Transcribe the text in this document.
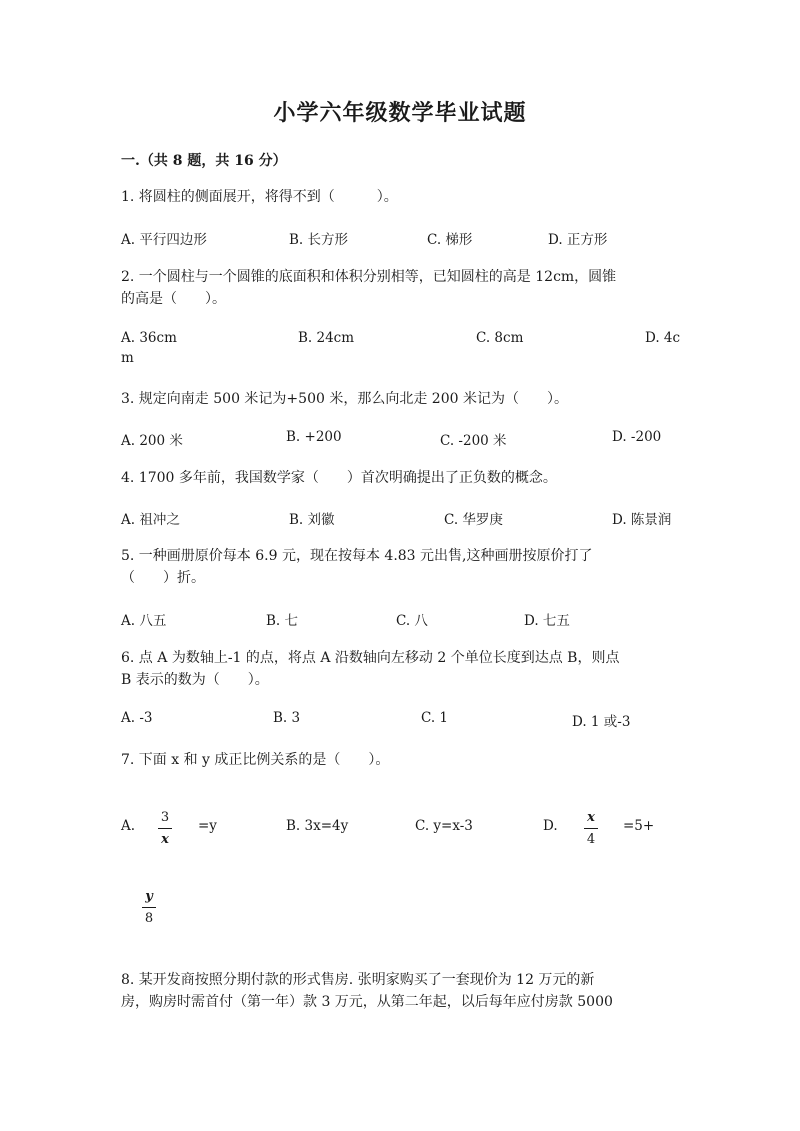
小学六年级数学毕业试题
一.（共 8 题，共 16 分）
1. 将圆柱的侧面展开，将得不到（　　　）。
A. 平行四边形	B. 长方形	C. 梯形	D. 正方形
2. 一个圆柱与一个圆锥的底面积和体积分别相等，已知圆柱的高是 12cm，圆锥
的高是（　　）。
A. 36cm	B. 24cm	C. 8cm	D. 4c
m
3. 规定向南走 500 米记为+500 米，那么向北走 200 米记为（　　）。
A. 200 米	B. +200	C. -200 米	D. -200
4. 1700 多年前，我国数学家（　　）首次明确提出了正负数的概念。
A. 祖冲之	B. 刘徽	C. 华罗庚	D. 陈景润
5. 一种画册原价每本 6.9 元，现在按每本 4.83 元出售,这种画册按原价打了
（　　）折。
A. 八五	B. 七	C. 八	D. 七五
6. 点 A 为数轴上-1 的点，将点 A 沿数轴向左移动 2 个单位长度到达点 B，则点
B 表示的数为（　　）。
A. -3	B. 3	C. 1	D. 1 或-3
7. 下面 x 和 y 成正比例关系的是（　　）。
A.
3
x
=y	B. 3x=4y	C. y=x-3	D.
x
4
=5+
y
8
8. 某开发商按照分期付款的形式售房. 张明家购买了一套现价为 12 万元的新
房，购房时需首付（第一年）款 3 万元，从第二年起，以后每年应付房款 5000
